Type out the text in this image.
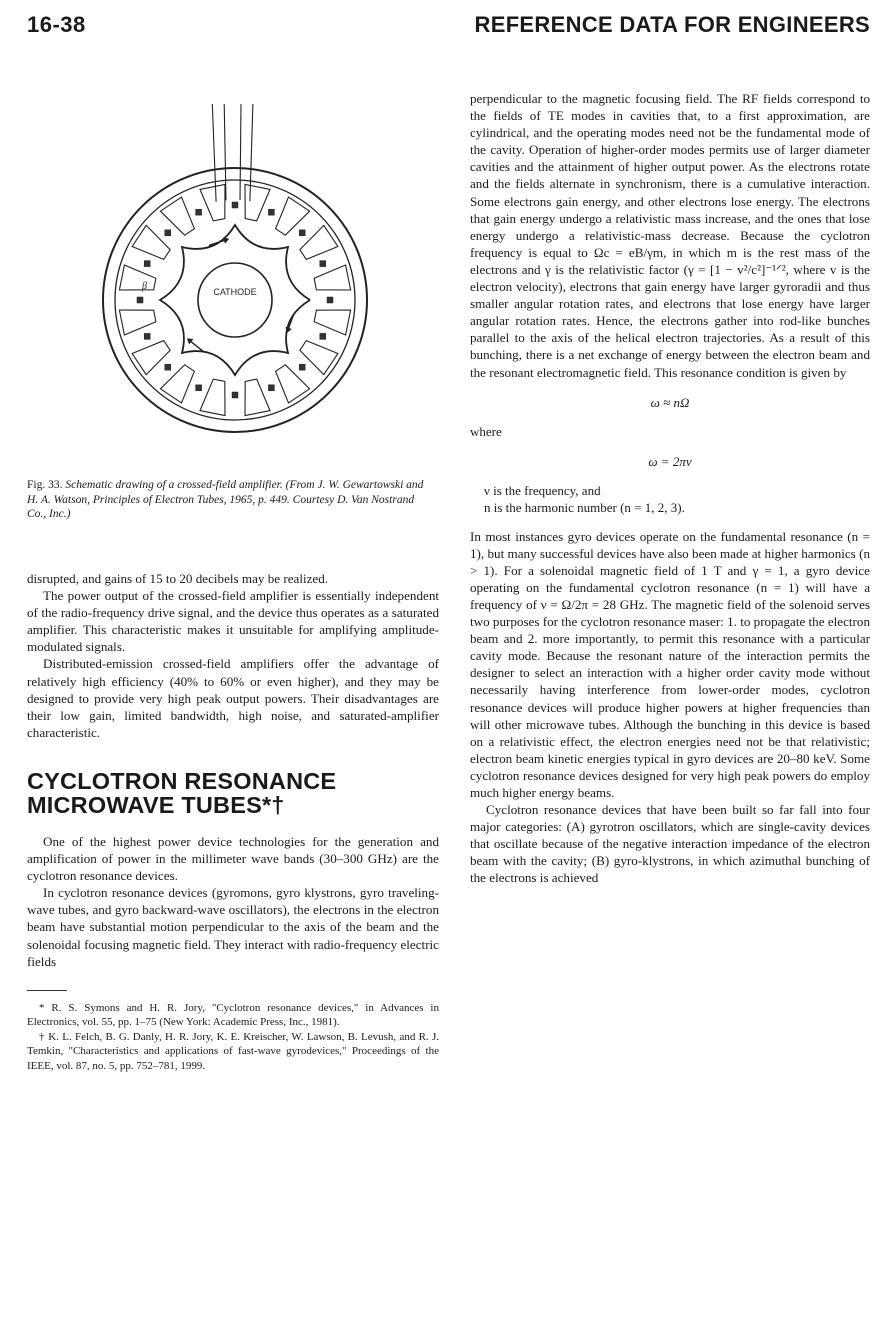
16-38	REFERENCE DATA FOR ENGINEERS
CATHODE
β
Fig. 33. Schematic drawing of a crossed-field amplifier. (From J. W. Gewartowski and H. A. Watson, Principles of Electron Tubes, 1965, p. 449. Courtesy D. Van Nostrand Co., Inc.)

disrupted, and gains of 15 to 20 decibels may be realized.

The power output of the crossed-field amplifier is essentially independent of the radio-frequency drive signal, and the device thus operates as a saturated amplifier. This characteristic makes it unsuitable for amplifying amplitude-modulated signals.

Distributed-emission crossed-field amplifiers offer the advantage of relatively high efficiency (40% to 60% or even higher), and they may be designed to provide very high peak output powers. Their disadvantages are their low gain, limited bandwidth, high noise, and saturated-amplifier characteristic.

CYCLOTRON RESONANCE MICROWAVE TUBES*†

One of the highest power device technologies for the generation and amplification of power in the millimeter wave bands (30–300 GHz) are the cyclotron resonance devices.

In cyclotron resonance devices (gyromons, gyro klystrons, gyro traveling-wave tubes, and gyro backward-wave oscillators), the electrons in the electron beam have substantial motion perpendicular to the axis of the beam and the solenoidal focusing magnetic field. They interact with radio-frequency electric fields

* R. S. Symons and H. R. Jory, "Cyclotron resonance devices," in Advances in Electronics, vol. 55, pp. 1–75 (New York: Academic Press, Inc., 1981).
† K. L. Felch, B. G. Danly, H. R. Jory, K. E. Kreischer, W. Lawson, B. Levush, and R. J. Temkin, "Characteristics and applications of fast-wave gyrodevices," Proceedings of the IEEE, vol. 87, no. 5, pp. 752–781, 1999.

perpendicular to the magnetic focusing field. The RF fields correspond to the fields of TE modes in cavities that, to a first approximation, are cylindrical, and the operating modes need not be the fundamental mode of the cavity. Operation of higher-order modes permits use of larger diameter cavities and the attainment of higher output power. As the electrons rotate and the fields alternate in synchronism, there is a cumulative interaction. Some electrons gain energy, and other electrons lose energy. The electrons that gain energy undergo a relativistic mass increase, and the ones that lose energy undergo a relativistic-mass decrease. Because the cyclotron frequency is equal to Ωc = eB/γm, in which m is the rest mass of the electrons and γ is the relativistic factor (γ = [1 − v²/c²]⁻¹ᐟ², where v is the electron velocity), electrons that gain energy have larger gyroradii and thus smaller angular rotation rates, and electrons that lose energy have larger angular rotation rates. Hence, the electrons gather into rod-like bunches parallel to the axis of the helical electron trajectories. As a result of this bunching, there is a net exchange of energy between the electron beam and the resonant electromagnetic field. This resonance condition is given by

ω ≈ nΩ
where
ω = 2πν
ν is the frequency, and
n is the harmonic number (n = 1, 2, 3).

In most instances gyro devices operate on the fundamental resonance (n = 1), but many successful devices have also been made at higher harmonics (n > 1). For a solenoidal magnetic field of 1 T and γ = 1, a gyro device operating on the fundamental cyclotron resonance (n = 1) will have a frequency of ν = Ω/2π = 28 GHz. The magnetic field of the solenoid serves two purposes for the cyclotron resonance maser: 1. to propagate the electron beam and 2. more importantly, to permit this resonance with a particular cavity mode. Because the resonant nature of the interaction permits the designer to select an interaction with a higher order cavity mode without necessarily having interference from lower-order modes, cyclotron resonance devices will produce higher powers at higher frequencies than will other microwave tubes. Although the bunching in this device is based on a relativistic effect, the electron energies need not be that relativistic; electron beam kinetic energies typical in gyro devices are 20–80 keV. Some cyclotron resonance devices designed for very high peak powers do employ much higher energy beams.

Cyclotron resonance devices that have been built so far fall into four major categories: (A) gyrotron oscillators, which are single-cavity devices that oscillate because of the negative interaction impedance of the electron beam with the cavity; (B) gyro-klystrons, in which azimuthal bunching of the electrons is achieved
